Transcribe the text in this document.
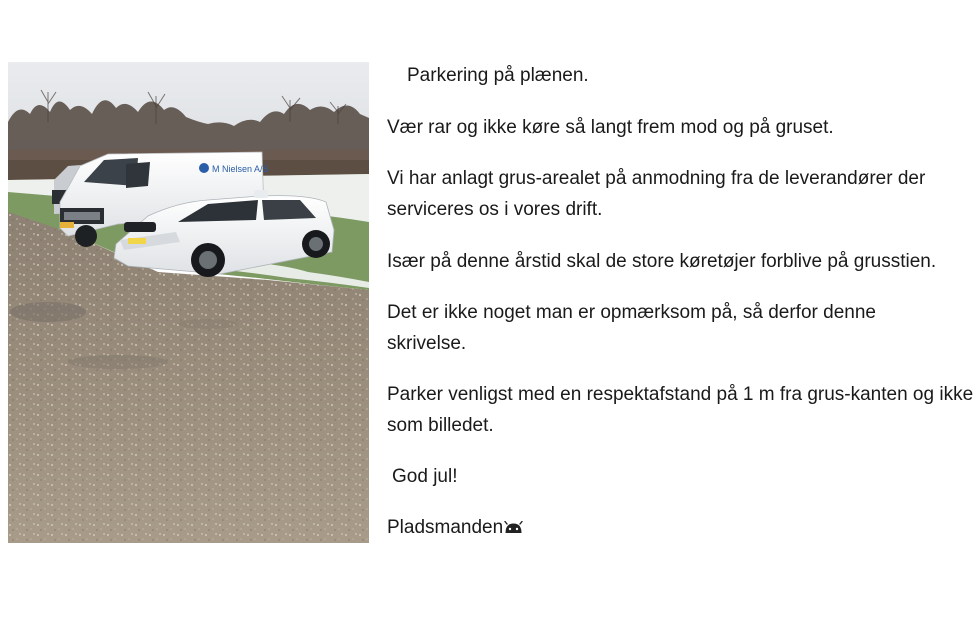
M Nielsen A/S

Parkering på plænen.

Vær rar og ikke køre så langt frem mod og på gruset.

Vi har anlagt grus-arealet på anmodning fra de leverandører der serviceres os i vores drift.

Især på denne årstid skal de store køretøjer forblive på grusstien.

Det er ikke noget man er opmærksom på, så derfor denne skrivelse.

Parker venligst med en respektafstand på 1 m fra grus-kanten og ikke som billedet.

God jul!

Pladsmanden
